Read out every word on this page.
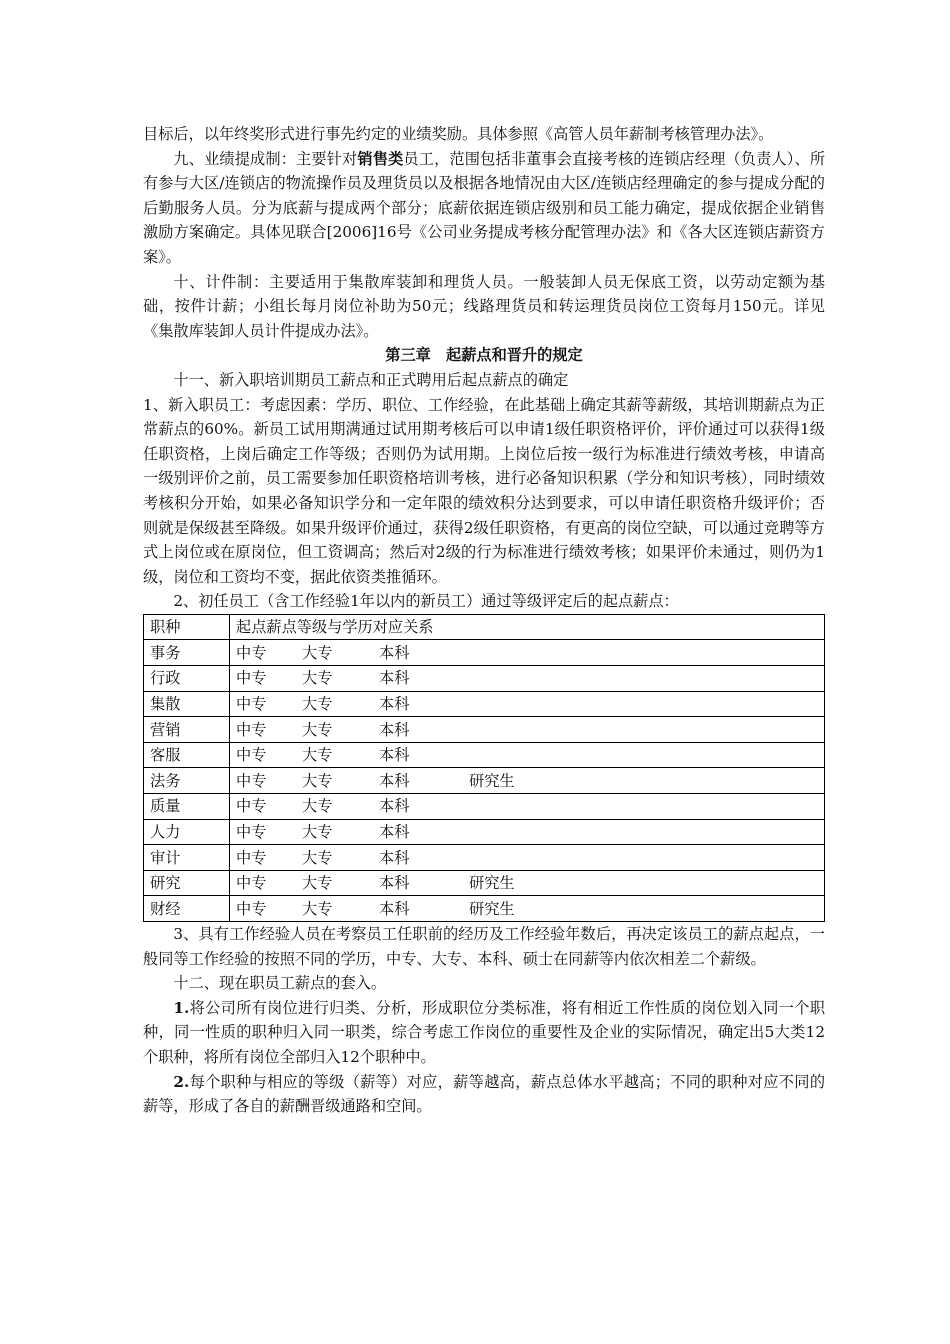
目标后，以年终奖形式进行事先约定的业绩奖励。具体参照《高管人员年薪制考核管理办法》。

九、业绩提成制：主要针对销售类员工，范围包括非董事会直接考核的连锁店经理（负责人）、所有参与大区/连锁店的物流操作员及理货员以及根据各地情况由大区/连锁店经理确定的参与提成分配的后勤服务人员。分为底薪与提成两个部分；底薪依据连锁店级别和员工能力确定，提成依据企业销售激励方案确定。具体见联合[2006]16号《公司业务提成考核分配管理办法》和《各大区连锁店薪资方案》。

十、计件制：主要适用于集散库装卸和理货人员。一般装卸人员无保底工资，以劳动定额为基础，按件计薪；小组长每月岗位补助为50元；线路理货员和转运理货员岗位工资每月150元。详见《集散库装卸人员计件提成办法》。

第三章　起薪点和晋升的规定

十一、新入职培训期员工薪点和正式聘用后起点薪点的确定

1、新入职员工：考虑因素：学历、职位、工作经验，在此基础上确定其薪等薪级，其培训期薪点为正常薪点的60%。新员工试用期满通过试用期考核后可以申请1级任职资格评价，评价通过可以获得1级任职资格，上岗后确定工作等级；否则仍为试用期。上岗位后按一级行为标准进行绩效考核，申请高一级别评价之前，员工需要参加任职资格培训考核，进行必备知识积累（学分和知识考核），同时绩效考核积分开始，如果必备知识学分和一定年限的绩效积分达到要求，可以申请任职资格升级评价；否则就是保级甚至降级。如果升级评价通过，获得2级任职资格，有更高的岗位空缺，可以通过竞聘等方式上岗位或在原岗位，但工资调高；然后对2级的行为标准进行绩效考核；如果评价未通过，则仍为1级，岗位和工资均不变，据此依资类推循环。

2、初任员工（含工作经验1年以内的新员工）通过等级评定后的起点薪点：

职种	起点薪点等级与学历对应关系
事务	中专 大专 本科
行政	中专 大专 本科
集散	中专 大专 本科
营销	中专 大专 本科
客服	中专 大专 本科
法务	中专 大专 本科 研究生
质量	中专 大专 本科
人力	中专 大专 本科
审计	中专 大专 本科
研究	中专 大专 本科 研究生
财经	中专 大专 本科 研究生

3、具有工作经验人员在考察员工任职前的经历及工作经验年数后，再决定该员工的薪点起点，一般同等工作经验的按照不同的学历，中专、大专、本科、硕士在同薪等内依次相差二个薪级。

十二、现在职员工薪点的套入。

1.将公司所有岗位进行归类、分析，形成职位分类标准，将有相近工作性质的岗位划入同一个职种，同一性质的职种归入同一职类，综合考虑工作岗位的重要性及企业的实际情况，确定出5大类12个职种，将所有岗位全部归入12个职种中。

2.每个职种与相应的等级（薪等）对应，薪等越高，薪点总体水平越高；不同的职种对应不同的薪等，形成了各自的薪酬晋级通路和空间。
